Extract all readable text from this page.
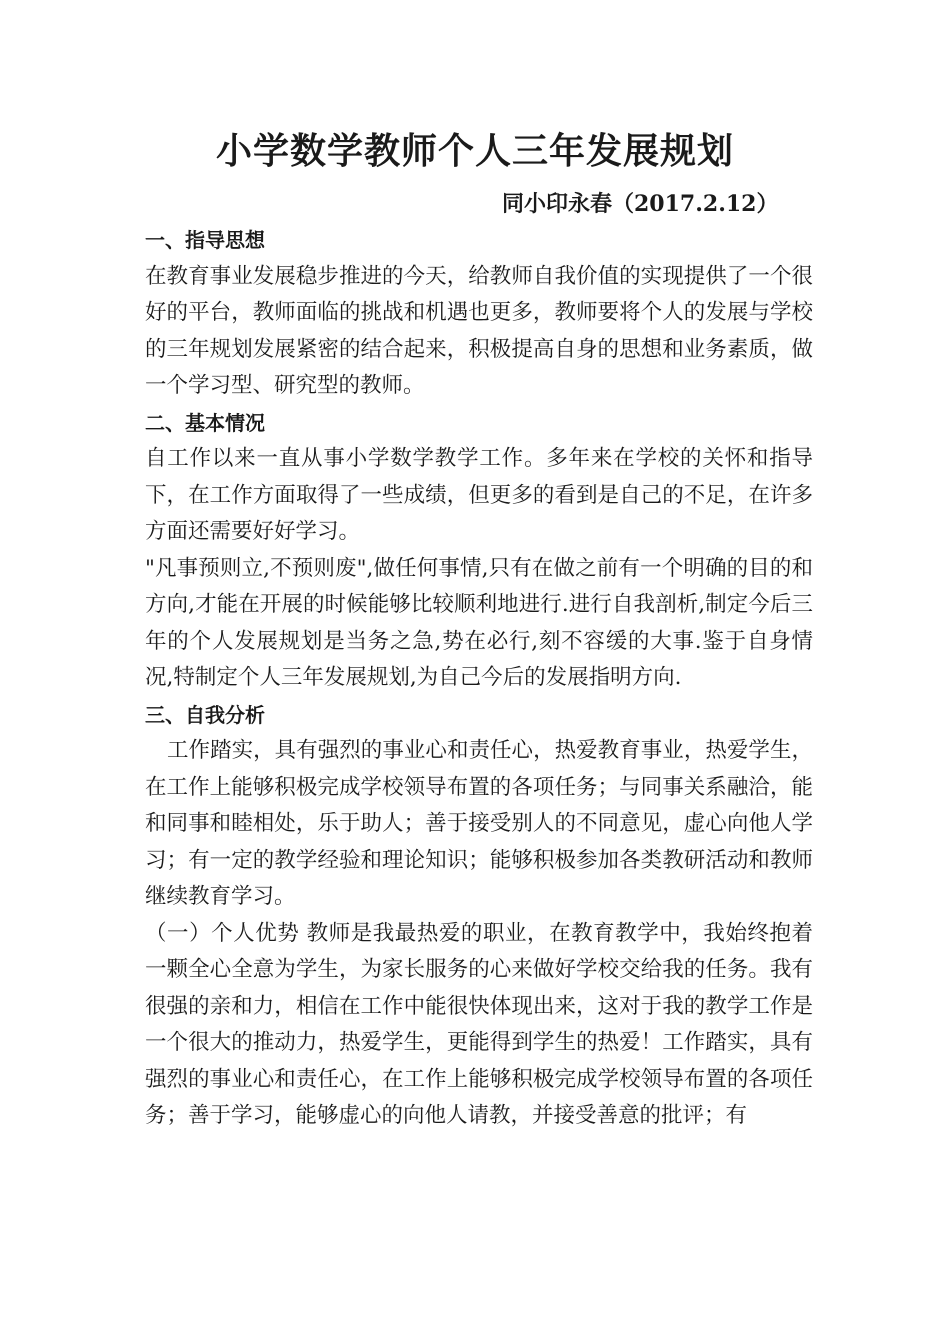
小学数学教师个人三年发展规划
同小印永春（2017.2.12）
一、指导思想

在教育事业发展稳步推进的今天，给教师自我价值的实现提供了一个很好的平台，教师面临的挑战和机遇也更多，教师要将个人的发展与学校的三年规划发展紧密的结合起来，积极提高自身的思想和业务素质，做一个学习型、研究型的教师。

二、基本情况

自工作以来一直从事小学数学教学工作。多年来在学校的关怀和指导下，在工作方面取得了一些成绩，但更多的看到是自己的不足，在许多方面还需要好好学习。

"凡事预则立,不预则废",做任何事情,只有在做之前有一个明确的目的和方向,才能在开展的时候能够比较顺利地进行.进行自我剖析,制定今后三年的个人发展规划是当务之急,势在必行,刻不容缓的大事.鉴于自身情况,特制定个人三年发展规划,为自己今后的发展指明方向.

三、自我分析

工作踏实，具有强烈的事业心和责任心，热爱教育事业，热爱学生，在工作上能够积极完成学校领导布置的各项任务；与同事关系融洽，能和同事和睦相处，乐于助人；善于接受别人的不同意见，虚心向他人学习；有一定的教学经验和理论知识；能够积极参加各类教研活动和教师继续教育学习。

（一）个人优势 教师是我最热爱的职业，在教育教学中，我始终抱着一颗全心全意为学生，为家长服务的心来做好学校交给我的任务。我有很强的亲和力，相信在工作中能很快体现出来，这对于我的教学工作是一个很大的推动力，热爱学生，更能得到学生的热爱！工作踏实，具有强烈的事业心和责任心，在工作上能够积极完成学校领导布置的各项任务；善于学习，能够虚心的向他人请教，并接受善意的批评；有
